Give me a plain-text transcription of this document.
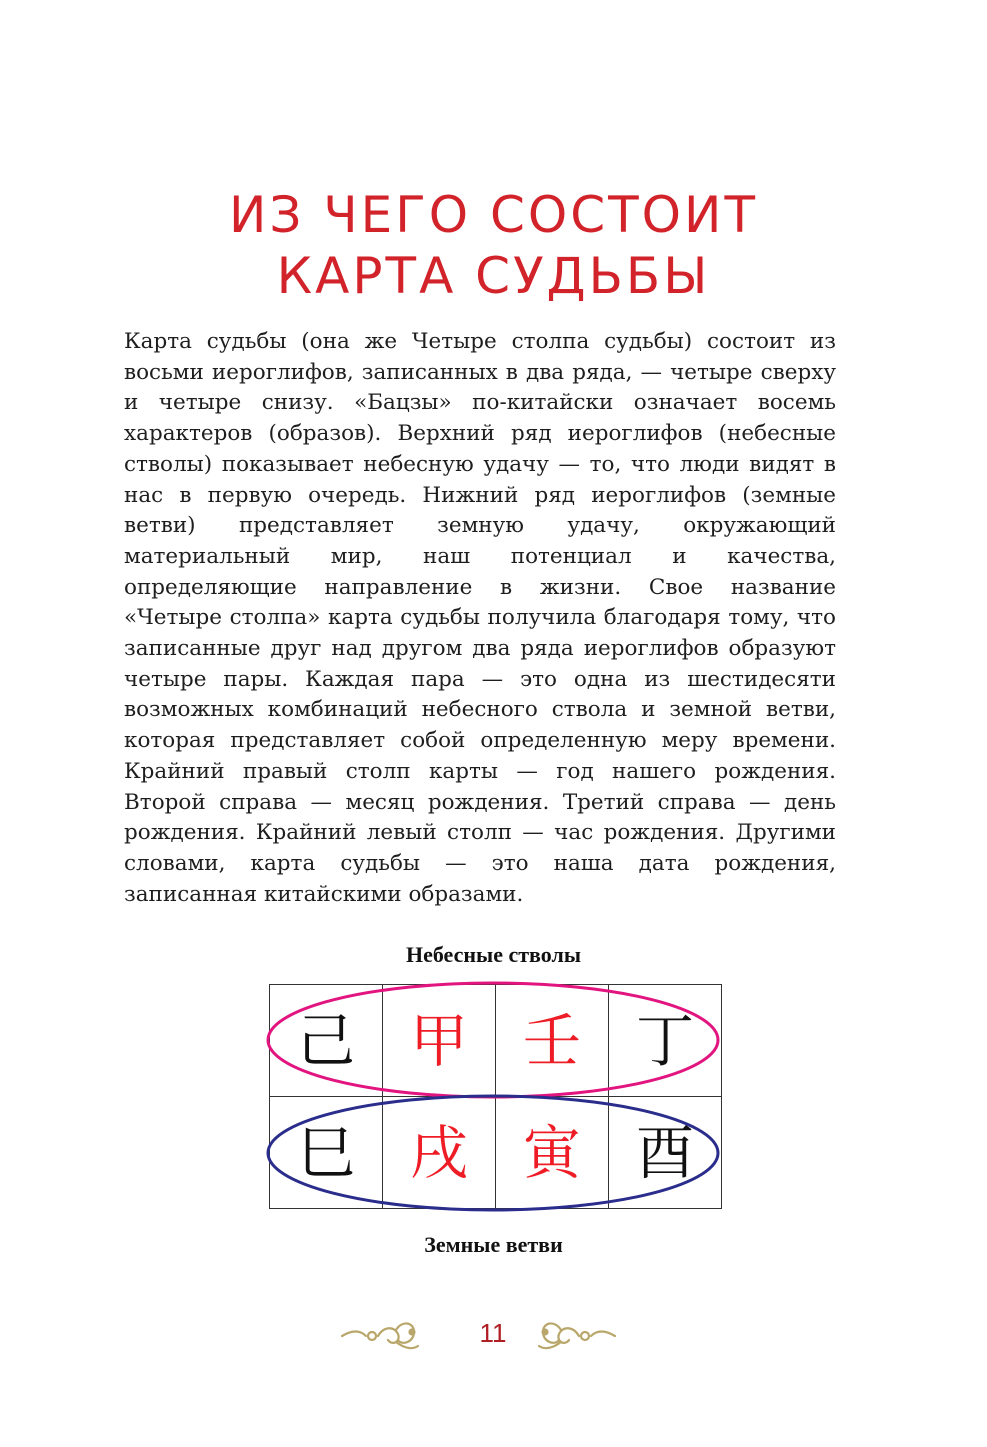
ИЗ ЧЕГО СОСТОИТ
КАРТА СУДЬБЫ

Карта судьбы (она же Четыре столпа судьбы) состоит из восьми иероглифов, записанных в два ряда, — четыре сверху и четыре снизу. «Бацзы» по-китайски означает восемь характеров (образов). Верхний ряд иероглифов (небесные стволы) показывает небесную удачу — то, что люди видят в нас в первую очередь. Нижний ряд иероглифов (земные ветви) представляет земную удачу, окружающий материальный мир, наш потенциал и качества, определяющие направление в жизни. Свое название «Четыре столпа» карта судьбы получила благодаря тому, что записанные друг над другом два ряда иероглифов образуют четыре пары. Каждая пара — это одна из шестидесяти возможных комбинаций небесного ствола и земной ветви, которая представляет собой определенную меру времени. Крайний правый столп карты — год нашего рождения. Второй справа — месяц рождения. Третий справа — день рождения. Крайний левый столп — час рождения. Другими словами, карта судьбы — это наша дата рождения, записанная китайскими образами.

Небесные стволы
己	甲	壬	丁
巳	戌	寅	酉
Земные ветви
11
